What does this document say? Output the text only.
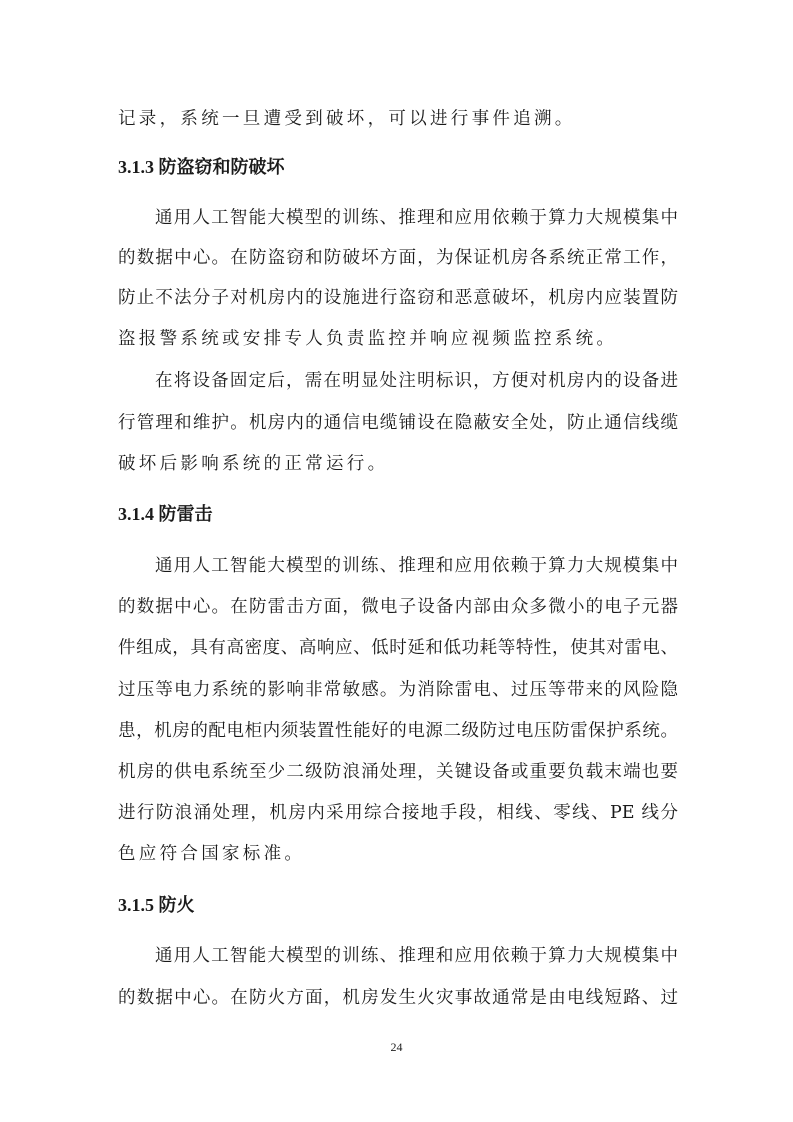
记录，系统一旦遭受到破坏，可以进行事件追溯。
3.1.3 防盗窃和防破坏
通用人工智能大模型的训练、推理和应用依赖于算力大规模集中
的数据中心。在防盗窃和防破坏方面，为保证机房各系统正常工作，
防止不法分子对机房内的设施进行盗窃和恶意破坏，机房内应装置防
盗报警系统或安排专人负责监控并响应视频监控系统。
在将设备固定后，需在明显处注明标识，方便对机房内的设备进
行管理和维护。机房内的通信电缆铺设在隐蔽安全处，防止通信线缆
破坏后影响系统的正常运行。
3.1.4 防雷击
通用人工智能大模型的训练、推理和应用依赖于算力大规模集中
的数据中心。在防雷击方面，微电子设备内部由众多微小的电子元器
件组成，具有高密度、高响应、低时延和低功耗等特性，使其对雷电、
过压等电力系统的影响非常敏感。为消除雷电、过压等带来的风险隐
患，机房的配电柜内须装置性能好的电源二级防过电压防雷保护系统。
机房的供电系统至少二级防浪涌处理，关键设备或重要负载末端也要
进行防浪涌处理，机房内采用综合接地手段，相线、零线、PE 线分
色应符合国家标准。
3.1.5 防火
通用人工智能大模型的训练、推理和应用依赖于算力大规模集中
的数据中心。在防火方面，机房发生火灾事故通常是由电线短路、过
24
